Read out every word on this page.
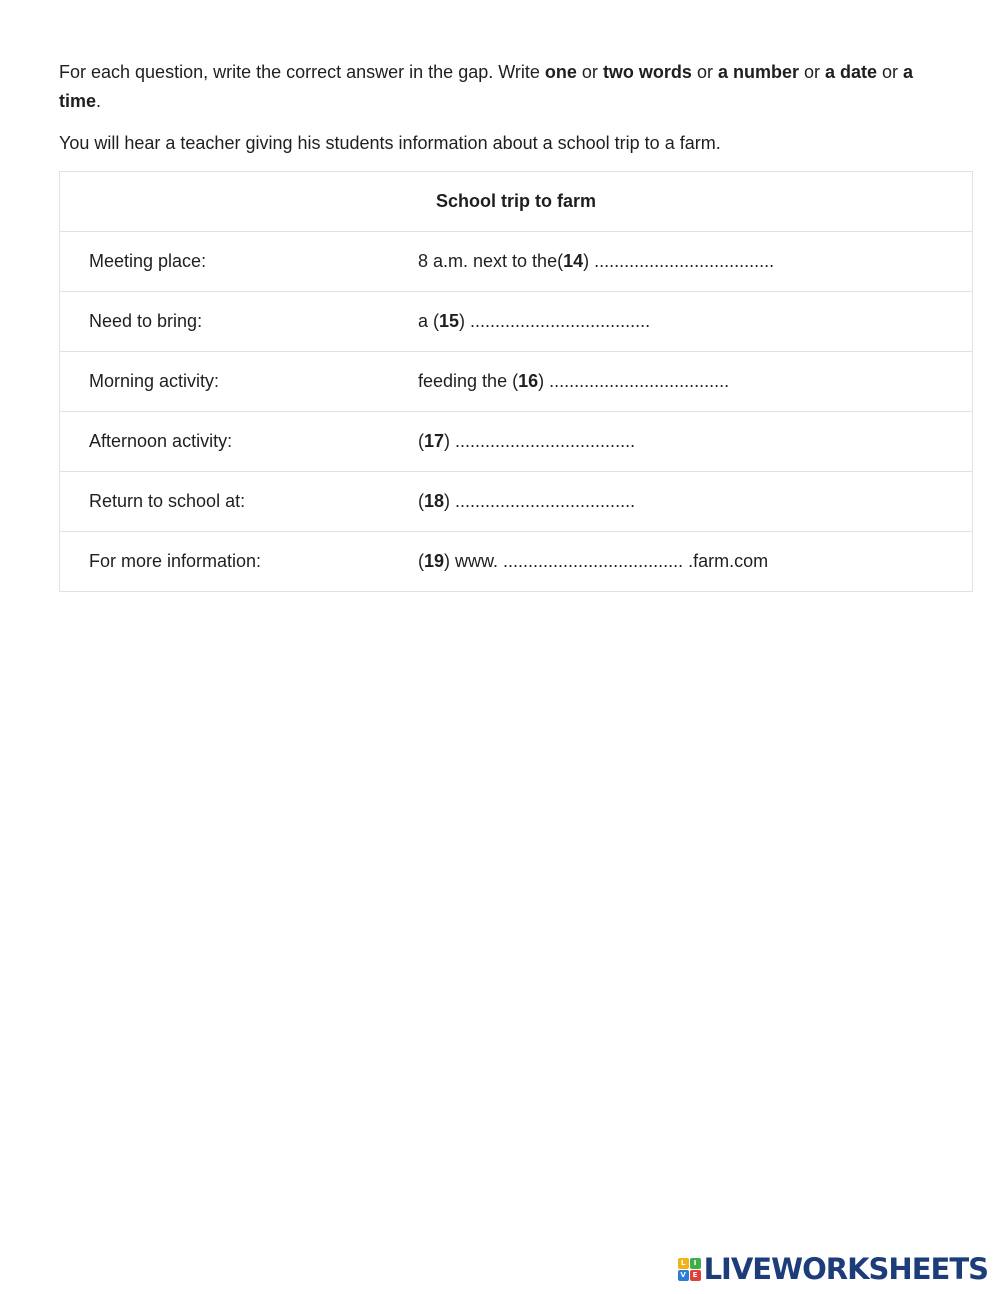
For each question, write the correct answer in the gap. Write one or two words or a number or a date or a time.

You will hear a teacher giving his students information about a school trip to a farm.

School trip to farm	
Meeting place:	8 a.m. next to the(14) ....................................
Need to bring:	a (15) ....................................
Morning activity:	feeding the (16) ....................................
Afternoon activity:	(17) ....................................
Return to school at:	(18) ....................................
For more information:	(19) www. .................................... .farm.com
L	I
V E LIVEWORKSHEETS
